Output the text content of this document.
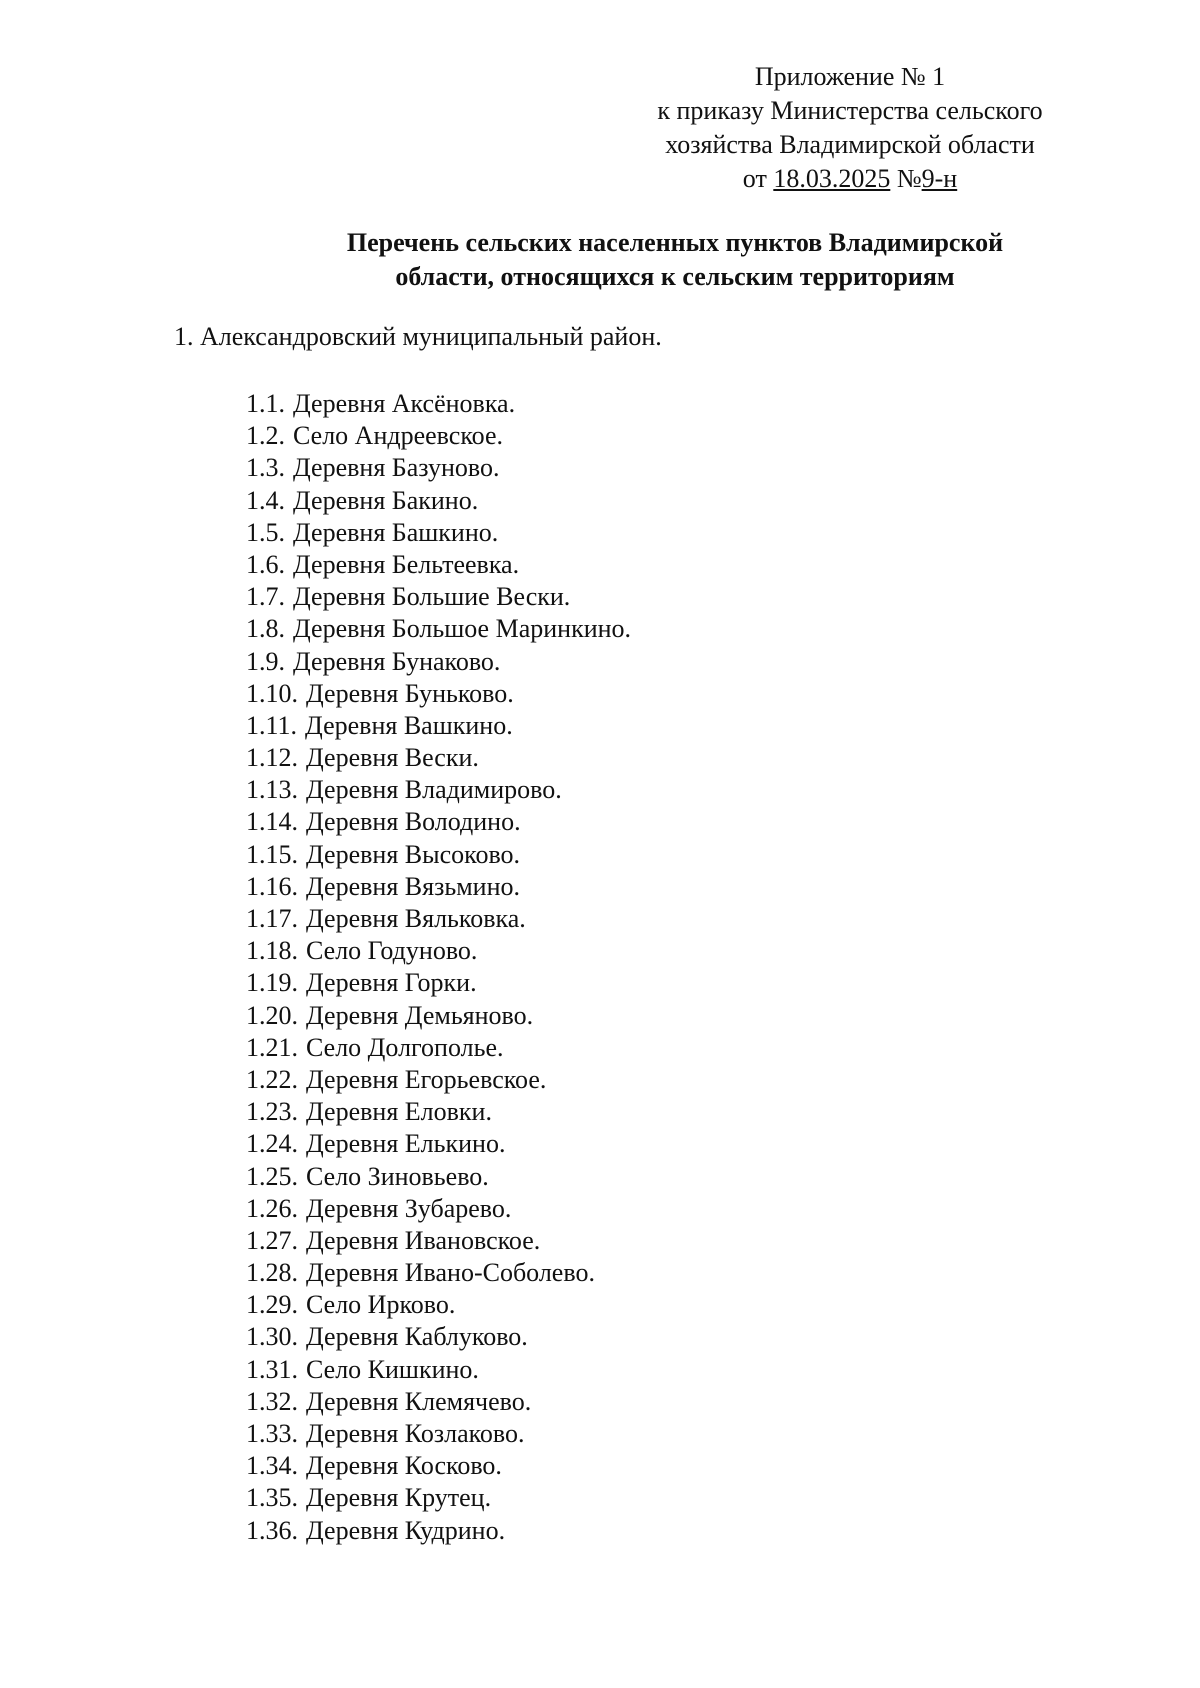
Приложение № 1
к приказу Министерства сельского
хозяйства Владимирской области
от 18.03.2025 №9-н
Перечень сельских населенных пунктов Владимирской
области, относящихся к сельским территориям
1. Александровский муниципальный район.
1.1. Деревня Аксёновка.
1.2. Село Андреевское.
1.3. Деревня Базуново.
1.4. Деревня Бакино.
1.5. Деревня Башкино.
1.6. Деревня Бельтеевка.
1.7. Деревня Большие Вески.
1.8. Деревня Большое Маринкино.
1.9. Деревня Бунаково.
1.10. Деревня Буньково.
1.11. Деревня Вашкино.
1.12. Деревня Вески.
1.13. Деревня Владимирово.
1.14. Деревня Володино.
1.15. Деревня Высоково.
1.16. Деревня Вязьмино.
1.17. Деревня Вяльковка.
1.18. Село Годуново.
1.19. Деревня Горки.
1.20. Деревня Демьяново.
1.21. Село Долгополье.
1.22. Деревня Егорьевское.
1.23. Деревня Еловки.
1.24. Деревня Елькино.
1.25. Село Зиновьево.
1.26. Деревня Зубарево.
1.27. Деревня Ивановское.
1.28. Деревня Ивано-Соболево.
1.29. Село Ирково.
1.30. Деревня Каблуково.
1.31. Село Кишкино.
1.32. Деревня Клемячево.
1.33. Деревня Козлаково.
1.34. Деревня Косково.
1.35. Деревня Крутец.
1.36. Деревня Кудрино.
